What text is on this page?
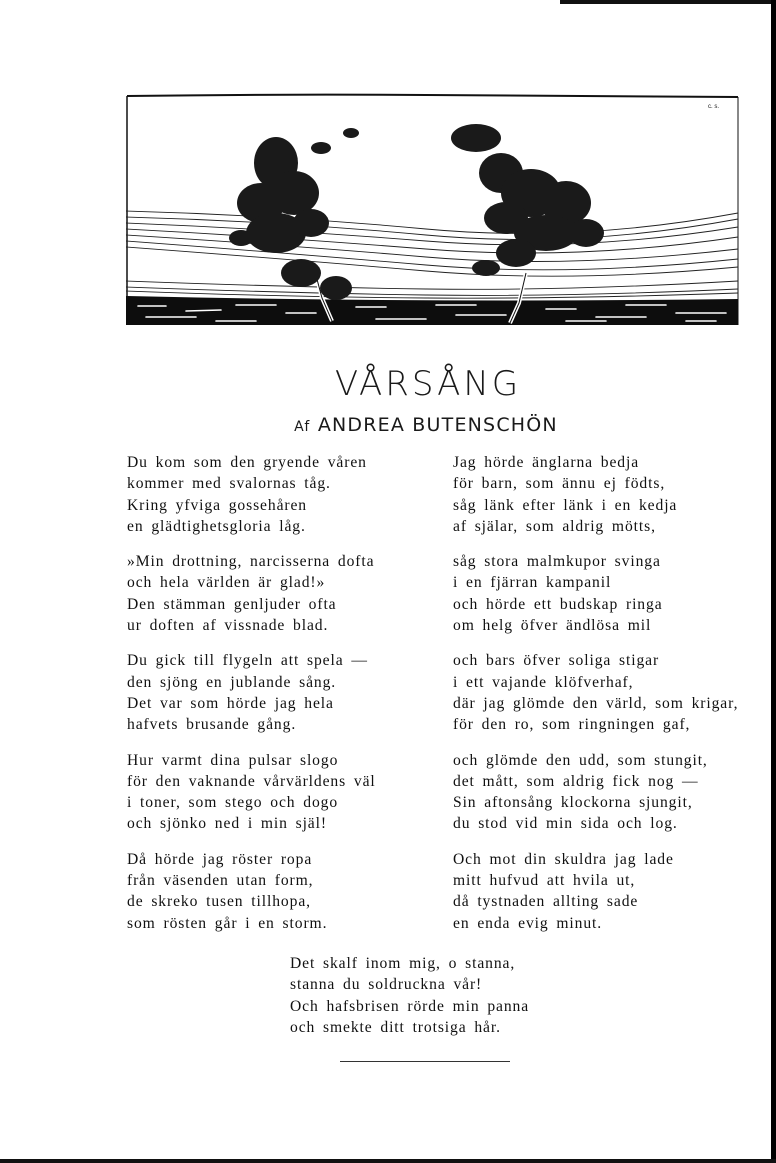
c. s.
VÅRSÅNG
Af ANDREA BUTENSCHÖN
Du kom som den gryende våren
kommer med svalornas tåg.
Kring yfviga gossehåren
en glädtighetsgloria låg.
»Min drottning, narcisserna dofta
och hela världen är glad!»
Den stämman genljuder ofta
ur doften af vissnade blad.
Du gick till flygeln att spela —
den sjöng en jublande sång.
Det var som hörde jag hela
hafvets brusande gång.
Hur varmt dina pulsar slogo
för den vaknande vårvärldens väl
i toner, som stego och dogo
och sjönko ned i min själ!
Då hörde jag röster ropa
från väsenden utan form,
de skreko tusen tillhopa,
som rösten går i en storm.
Jag hörde änglarna bedja
för barn, som ännu ej födts,
såg länk efter länk i en kedja
af själar, som aldrig mötts,
såg stora malmkupor svinga
i en fjärran kampanil
och hörde ett budskap ringa
om helg öfver ändlösa mil
och bars öfver soliga stigar
i ett vajande klöfverhaf,
där jag glömde den värld, som krigar,
för den ro, som ringningen gaf,
och glömde den udd, som stungit,
det mått, som aldrig fick nog —
Sin aftonsång klockorna sjungit,
du stod vid min sida och log.
Och mot din skuldra jag lade
mitt hufvud att hvila ut,
då tystnaden allting sade
en enda evig minut.
Det skalf inom mig, o stanna,
stanna du soldruckna vår!
Och hafsbrisen rörde min panna
och smekte ditt trotsiga hår.
